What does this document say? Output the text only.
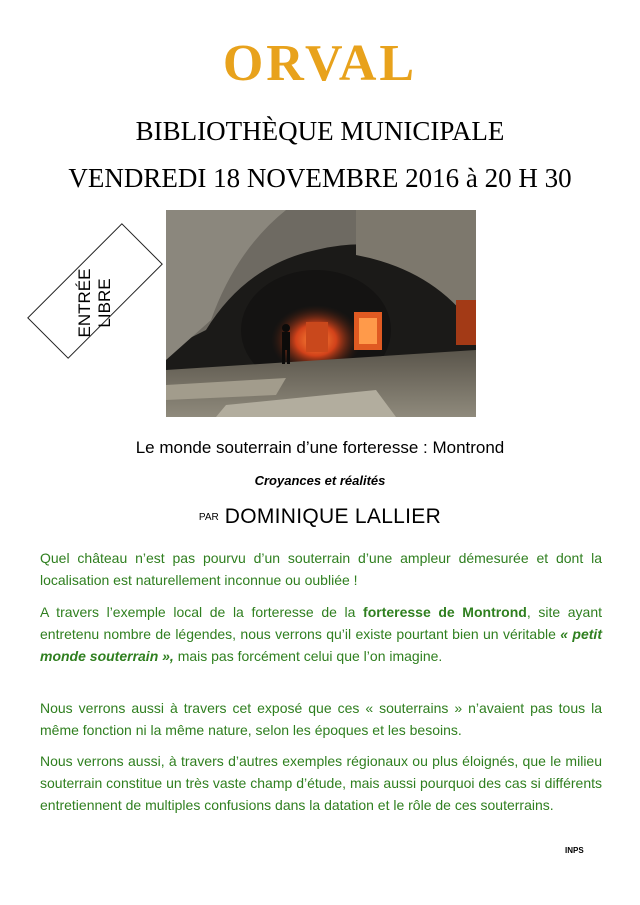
ORVAL
BIBLIOTHÈQUE MUNICIPALE
VENDREDI 18 NOVEMBRE 2016 à 20 H 30
ENTRÉE LIBRE
Le monde souterrain d’une forteresse : Montrond
Croyances et réalités
PAR DOMINIQUE LALLIER
Quel château n’est pas pourvu d’un souterrain d’une ampleur démesurée et dont la localisation est naturellement inconnue ou oubliée !
A travers l’exemple local de la forteresse de la forteresse de Montrond, site ayant entretenu nombre de légendes, nous verrons qu’il existe pourtant bien un véritable « petit monde souterrain », mais pas forcément celui que l’on imagine.
Nous verrons aussi à travers cet exposé que ces « souterrains » n’avaient pas tous la même fonction ni la même nature, selon les époques et les besoins.
Nous verrons aussi, à travers d’autres exemples régionaux ou plus éloignés, que le milieu souterrain constitue un très vaste champ d’étude, mais aussi pourquoi des cas si différents entretiennent de multiples confusions dans la datation et le rôle de ces souterrains.
INPS
